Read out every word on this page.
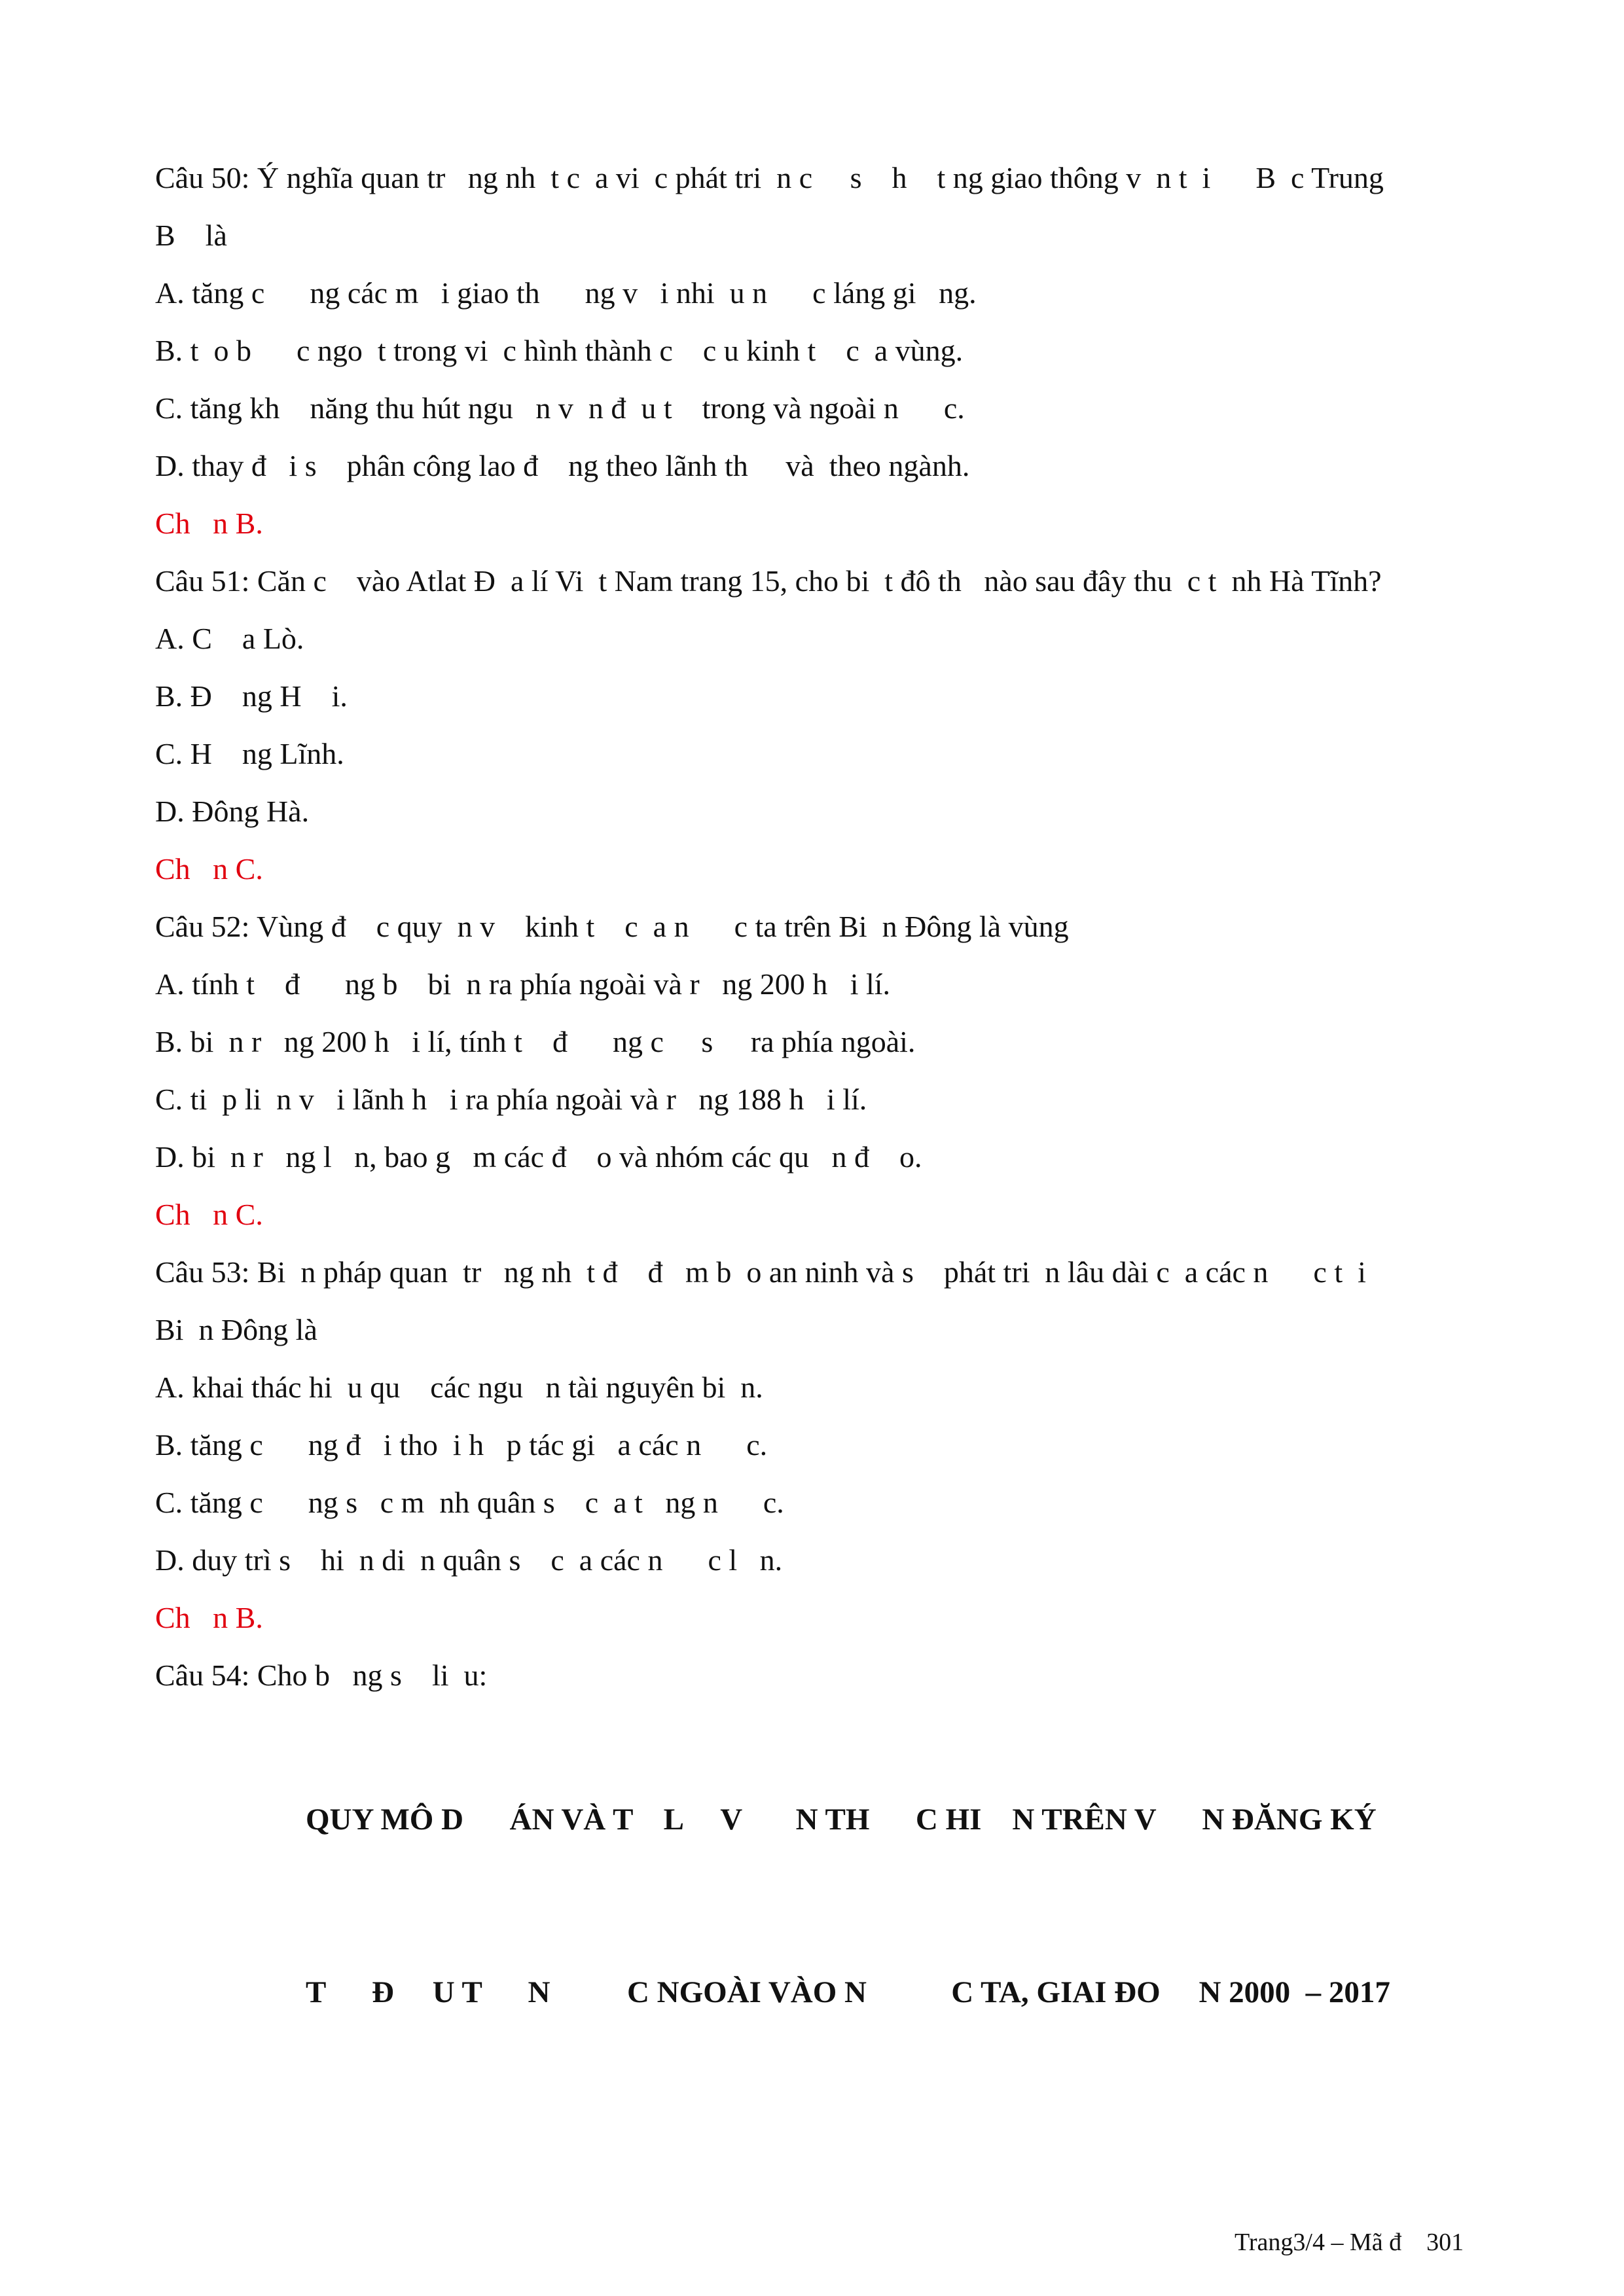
Câu 50: Ý nghĩa quan tr   ng nh  t c  a vi  c phát tri  n c     s    h    t ng giao thông v  n t  i      B  c Trung
B    là
A. tăng c      ng các m   i giao th      ng v   i nhi  u n      c láng gi   ng.
B. t  o b      c ngo  t trong vi  c hình thành c    c u kinh t    c  a vùng.
C. tăng kh    năng thu hút ngu   n v  n đ  u t    trong và ngoài n      c.
D. thay đ   i s    phân công lao đ    ng theo lãnh th     và  theo ngành.
Ch   n B.
Câu 51: Căn c    vào Atlat Đ  a lí Vi  t Nam trang 15, cho bi  t đô th   nào sau đây thu  c t  nh Hà Tĩnh?
A. C    a Lò.
B. Đ    ng H    i.
C. H    ng Lĩnh.
D. Đông Hà.
Ch   n C.
Câu 52: Vùng đ    c quy  n v    kinh t    c  a n      c ta trên Bi  n Đông là vùng
A. tính t    đ      ng b    bi  n ra phía ngoài và r   ng 200 h   i lí.
B. bi  n r   ng 200 h   i lí, tính t    đ      ng c     s     ra phía ngoài.
C. ti  p li  n v   i lãnh h   i ra phía ngoài và r   ng 188 h   i lí.
D. bi  n r   ng l   n, bao g   m các đ    o và nhóm các qu   n đ    o.
Ch   n C.
Câu 53: Bi  n pháp quan  tr   ng nh  t đ    đ   m b  o an ninh và s    phát tri  n lâu dài c  a các n      c t  i
Bi  n Đông là
A. khai thác hi  u qu    các ngu   n tài nguyên bi  n.
B. tăng c      ng đ   i tho  i h   p tác gi   a các n      c.
C. tăng c      ng s   c m  nh quân s    c  a t   ng n      c.
D. duy trì s    hi  n di  n quân s    c  a các n      c l   n.
Ch   n B.
Câu 54: Cho b   ng s    li  u:

QUY MÔ D      ÁN VÀ T    L     V       N TH      C HI    N TRÊN V      N ĐĂNG KÝ

T      Đ     U T      N          C NGOÀI VÀO N           C TA, GIAI ĐO     N 2000  – 2017

Trang3/4 – Mã đ    301
